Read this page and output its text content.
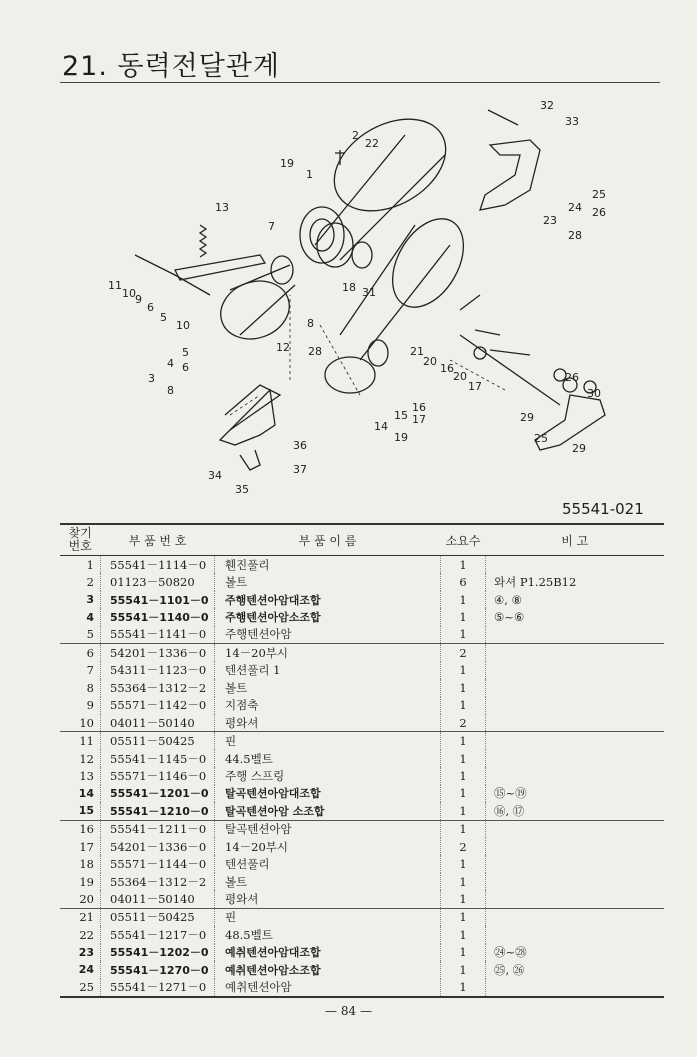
21. 동력전달관계
32
33
2
22
19
1
25
24 26
23
28
13
7
11
10 9
6
5
18 31
10	8
28
12	21
20
16
5
4 6
3
8
20
17
26
30
15
16
14
17
19
29
25
29
36
34	37
35
55541-021
찾기
번호	부 품 번 호	부 품 이 름	소요수	비 고
1	55541－1114－0	휀진풀리	1	
2	01123－50820	볼트	6	와셔 P1.25B12
3	55541－1101－0	주행텐션아암대조합	1	④, ⑧
4	55541－1140－0	주행텐션아암소조합	1	⑤~⑥
5	55541－1141－0	주행텐션아암	1	
6	54201－1336－0	14－20부시	2	
7	54311－1123－0	텐션풀리 1	1	
8	55364－1312－2	볼트	1	
9	55571－1142－0	지점축	1	
10	04011－50140	평와셔	2	
11	05511－50425	핀	1	
12	55541－1145－0	44.5벨트	1	
13	55571－1146－0	주행 스프링	1	
14	55541－1201－0	탈곡텐션아암대조합	1	⑮~⑲
15	55541－1210－0	탈곡텐션아암 소조합	1	⑯, ⑰
16	55541－1211－0	탈곡텐션아암	1	
17	54201－1336－0	14－20부시	2	
18	55571－1144－0	텐션풀리	1	
19	55364－1312－2	볼트	1	
20	04011－50140	평와셔	1	
21	05511－50425	핀	1	
22	55541－1217－0	48.5벨트	1	
23	55541－1202－0	예취텐션아암대조합	1	㉔~㉘
24	55541－1270－0	예취텐션아암소조합	1	㉕, ㉖
25	55541－1271－0	예취텐션아암	1	
— 84 —
